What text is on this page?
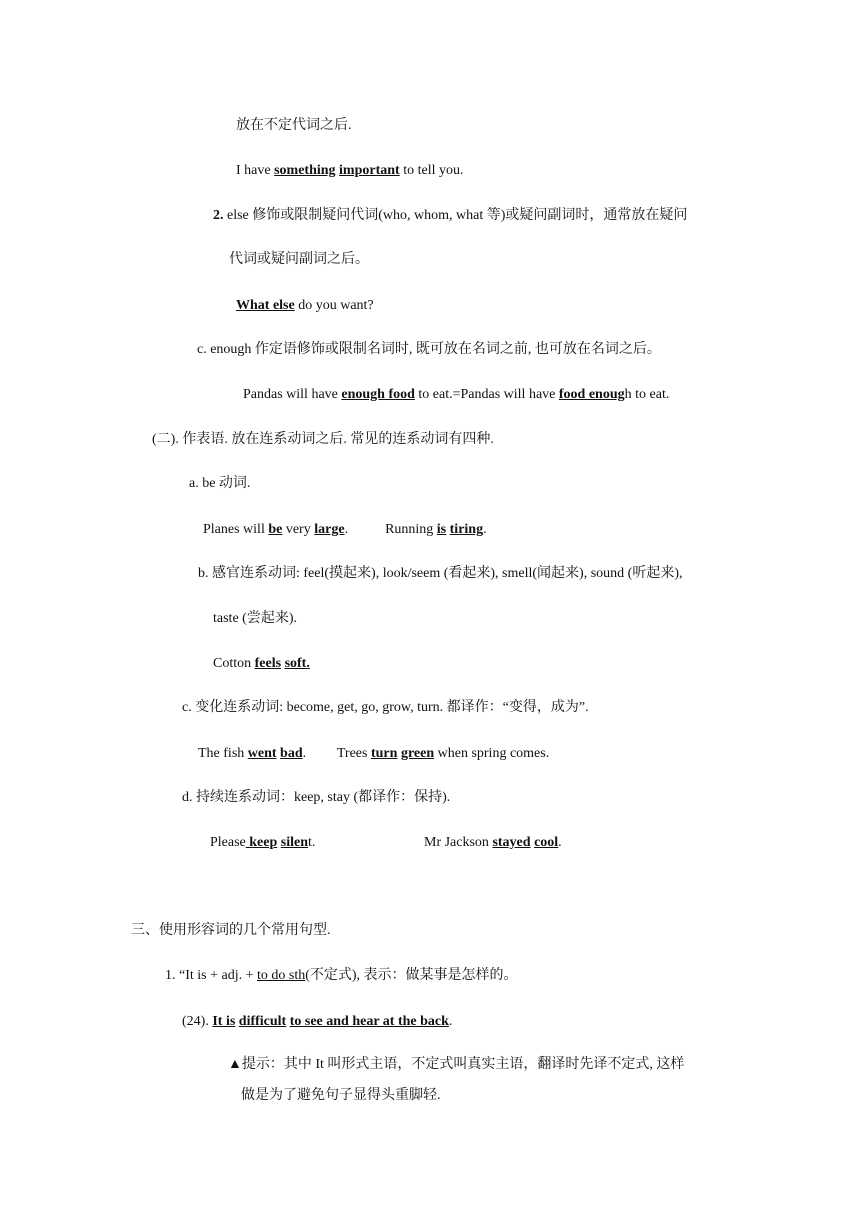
放在不定代词之后.
I have something important to tell you.
2. else 修饰或限制疑问代词(who, whom, what 等)或疑问副词时，通常放在疑问
代词或疑问副词之后。
What else do you want?
c. enough 作定语修饰或限制名词时, 既可放在名词之前, 也可放在名词之后。
Pandas will have enough food to eat.=Pandas will have food enough to eat.
(二). 作表语. 放在连系动词之后. 常见的连系动词有四种.
a. be 动词.
Planes will be very large.	Running is tiring.
b. 感官连系动词: feel(摸起来), look/seem (看起来), smell(闻起来), sound (听起来),
taste (尝起来).
Cotton feels soft.
c. 变化连系动词: become, get, go, grow, turn. 都译作：“变得，成为”.
The fish went bad. Trees turn green when spring comes.
d. 持续连系动词：keep, stay (都译作：保持).
Please keep silent.	Mr Jackson stayed cool.
三、使用形容词的几个常用句型.
1. “It is + adj. + to do sth(不定式), 表示：做某事是怎样的。
(24). It is difficult to see and hear at the back.
▲提示：其中 It 叫形式主语，不定式叫真实主语，翻译时先译不定式, 这样
做是为了避免句子显得头重脚轻.
